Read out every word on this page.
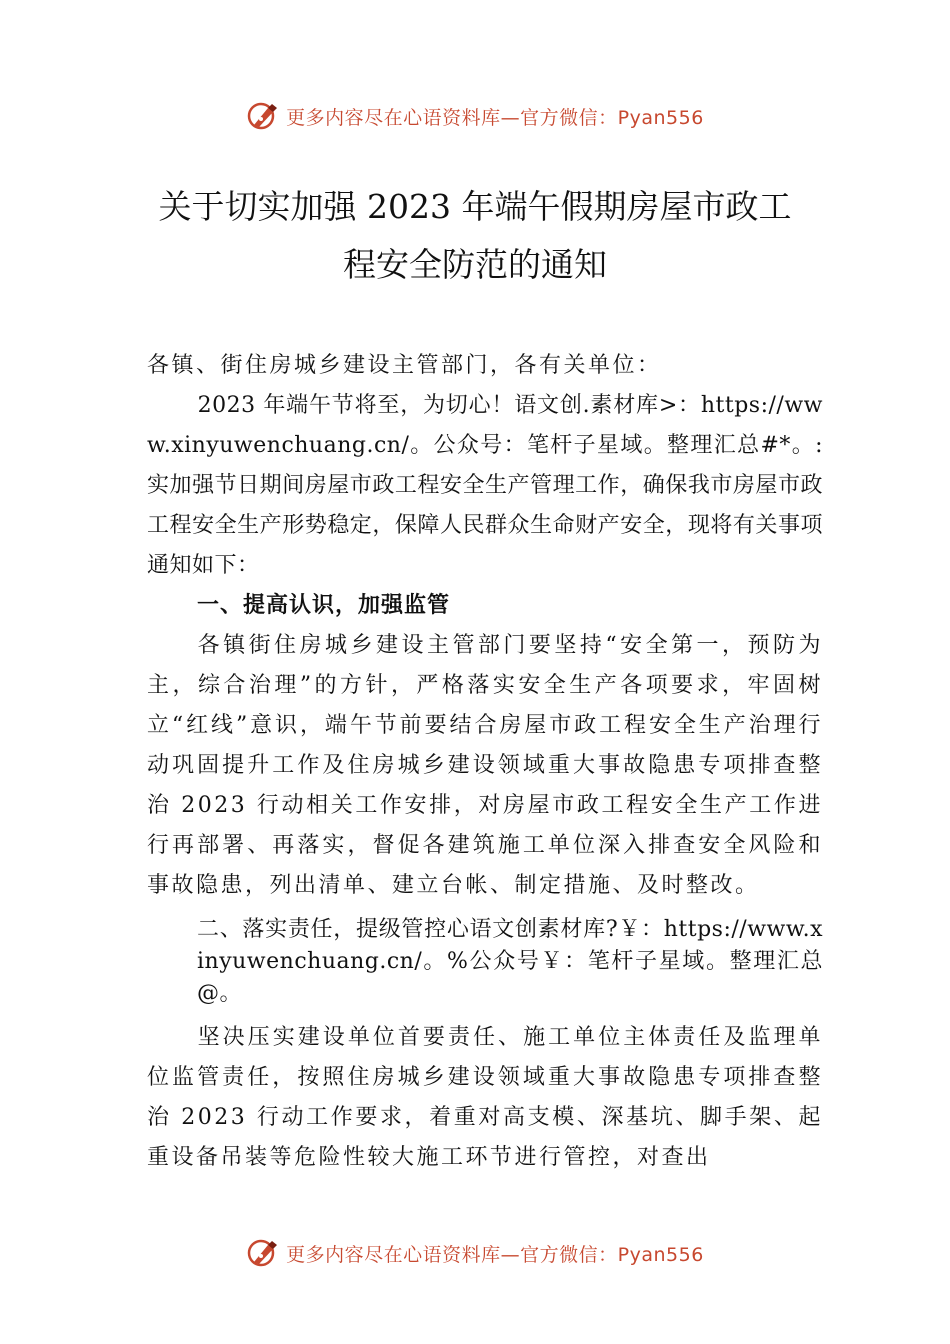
更多内容尽在心语资料库—官方微信：Pyan556
关于切实加强 2023 年端午假期房屋市政工
程安全防范的通知

各镇、街住房城乡建设主管部门，各有关单位：

2023 年端午节将至，为切心！语文创.素材库>：https://www.xinyuwenchuang.cn/。公众号：笔杆子星域。整理汇总#*。:实加强节日期间房屋市政工程安全生产管理工作，确保我市房屋市政工程安全生产形势稳定，保障人民群众生命财产安全，现将有关事项通知如下：

一、提高认识，加强监管

各镇街住房城乡建设主管部门要坚持“安全第一，预防为主，综合治理”的方针，严格落实安全生产各项要求，牢固树立“红线”意识，端午节前要结合房屋市政工程安全生产治理行动巩固提升工作及住房城乡建设领域重大事故隐患专项排查整治 2023 行动相关工作安排，对房屋市政工程安全生产工作进行再部署、再落实，督促各建筑施工单位深入排查安全风险和事故隐患，列出清单、建立台帐、制定措施、及时整改。

二、落实责任，提级管控心语文创素材库?￥：https://www.xinyuwenchuang.cn/。%公众号￥：笔杆子星域。整理汇总@。

坚决压实建设单位首要责任、施工单位主体责任及监理单位监管责任，按照住房城乡建设领域重大事故隐患专项排查整治 2023 行动工作要求，着重对高支模、深基坑、脚手架、起重设备吊装等危险性较大施工环节进行管控，对查出

更多内容尽在心语资料库—官方微信：Pyan556
